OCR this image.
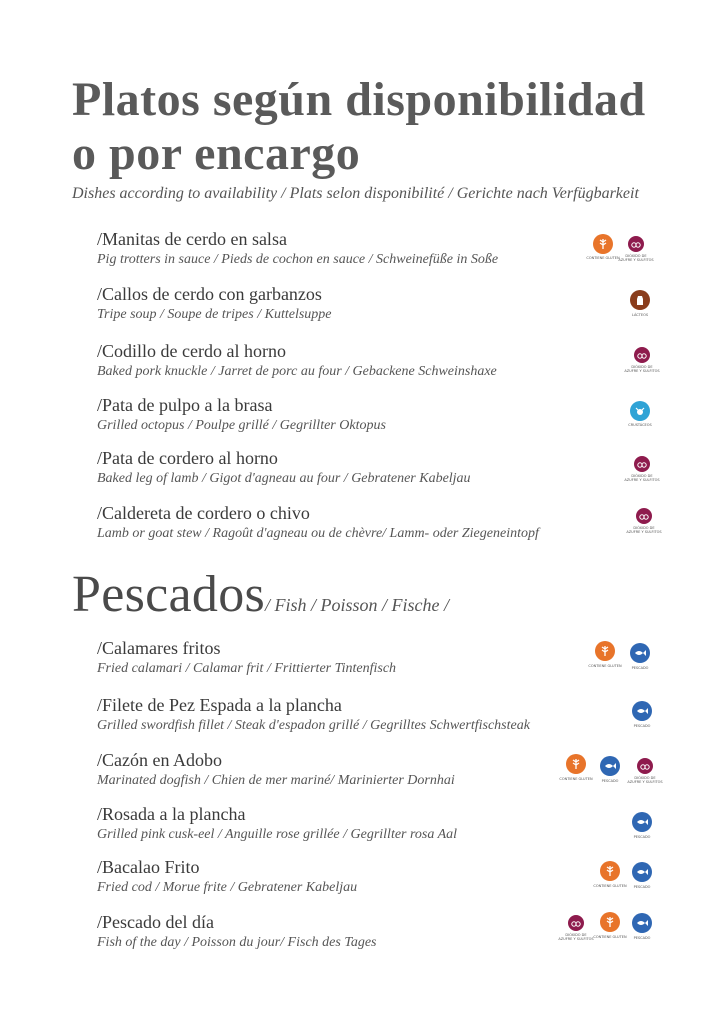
Platos según disponibilidad
o por encargo

Dishes according to availability / Plats selon disponibilité / Gerichte nach Verfügbarkeit

/Manitas de cerdo en salsa
Pig trotters in sauce / Pieds de cochon en sauce / Schweinefüße in Soße
/Callos de cerdo con garbanzos
Tripe soup / Soupe de tripes / Kuttelsuppe
/Codillo de cerdo al horno
Baked pork knuckle / Jarret de porc au four / Gebackene Schweinshaxe
/Pata de pulpo a la brasa
Grilled octopus / Poulpe grillé / Gegrillter Oktopus
/Pata de cordero al horno
Baked leg of lamb / Gigot d'agneau au four / Gebratener Kabeljau
/Caldereta de cordero o chivo
Lamb or goat stew / Ragoût d'agneau ou de chèvre/ Lamm- oder Ziegeneintopf
Pescados/ Fish / Poisson / Fische /
/Calamares fritos
Fried calamari / Calamar frit / Frittierter Tintenfisch
/Filete de Pez Espada a la plancha
Grilled swordfish fillet / Steak d'espadon grillé / Gegrilltes Schwertfischsteak
/Cazón en Adobo
Marinated dogfish / Chien de mer mariné/ Marinierter Dornhai
/Rosada a la plancha
Grilled pink cusk-eel / Anguille rose grillée / Gegrillter rosa Aal
/Bacalao Frito
Fried cod / Morue frite / Gebratener Kabeljau
/Pescado del día
Fish of the day / Poisson du jour/ Fisch des Tages
CONTIENE GLUTEN	DIÓXIDO DE AZUFRE Y SULFITOS
LÁCTEOS
DIÓXIDO DE AZUFRE Y SULFITOS
CRUSTÁCEOS
DIÓXIDO DE AZUFRE Y SULFITOS
DIÓXIDO DE AZUFRE Y SULFITOS
CONTIENE GLUTEN	PESCADO
PESCADO
CONTIENE GLUTEN	PESCADO
DIÓXIDO DE AZUFRE Y SULFITOS
PESCADO
CONTIENE GLUTEN	PESCADO
DIÓXIDO DE AZUFRE Y SULFITOS CONTIENE GLUTEN	PESCADO
